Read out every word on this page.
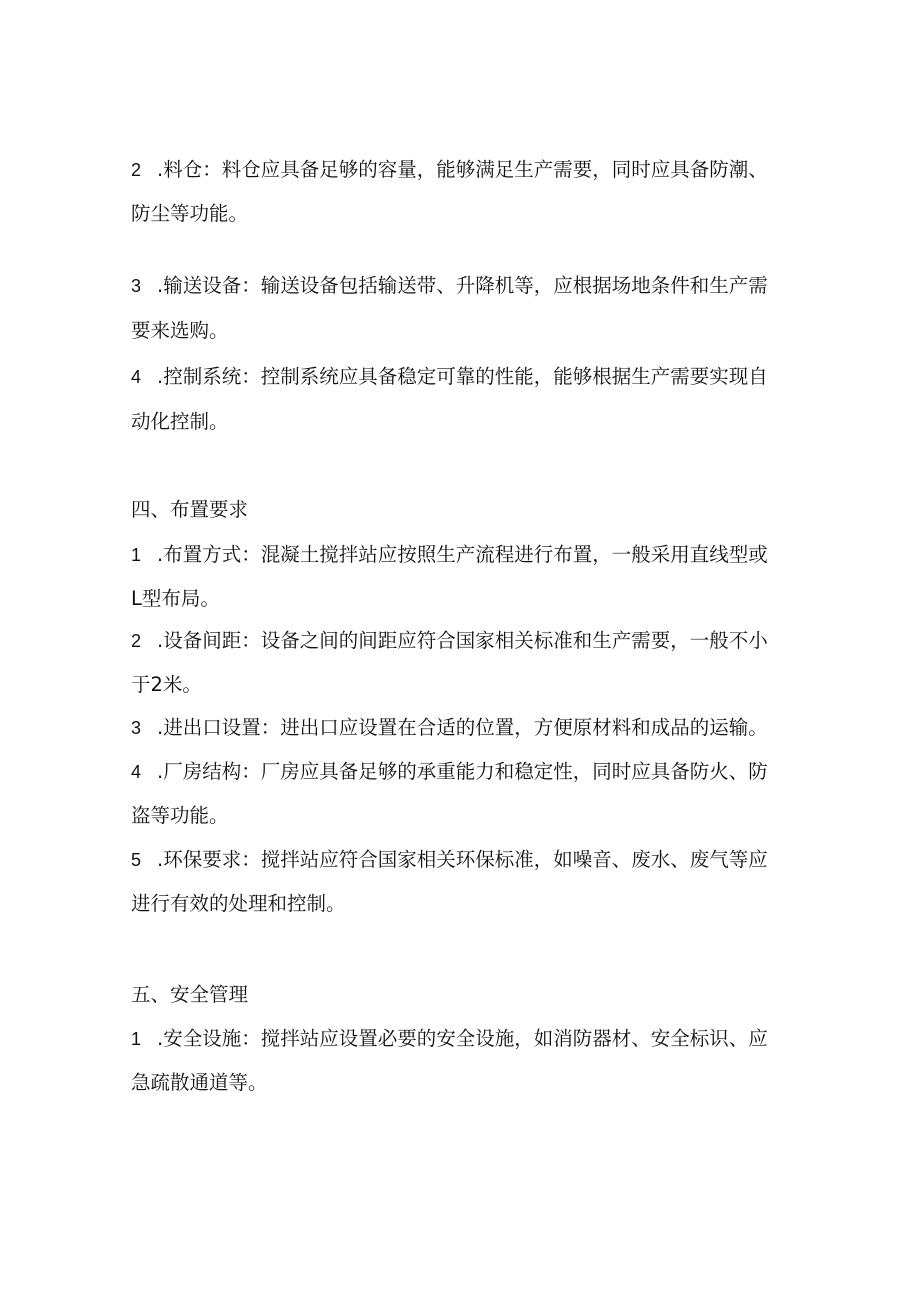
2 .料仓：料仓应具备足够的容量，能够满足生产需要，同时应具备防潮、
防尘等功能。
3 .输送设备：输送设备包括输送带、升降机等，应根据场地条件和生产需
要来选购。
4 .控制系统：控制系统应具备稳定可靠的性能，能够根据生产需要实现自
动化控制。
四、布置要求
1 .布置方式：混凝土搅拌站应按照生产流程进行布置，一般采用直线型或
L型布局。
2 .设备间距：设备之间的间距应符合国家相关标准和生产需要，一般不小
于2米。
3 .进出口设置：进出口应设置在合适的位置，方便原材料和成品的运输。
4 .厂房结构：厂房应具备足够的承重能力和稳定性，同时应具备防火、防
盗等功能。
5 .环保要求：搅拌站应符合国家相关环保标准，如噪音、废水、废气等应
进行有效的处理和控制。
五、安全管理
1 .安全设施：搅拌站应设置必要的安全设施，如消防器材、安全标识、应
急疏散通道等。
